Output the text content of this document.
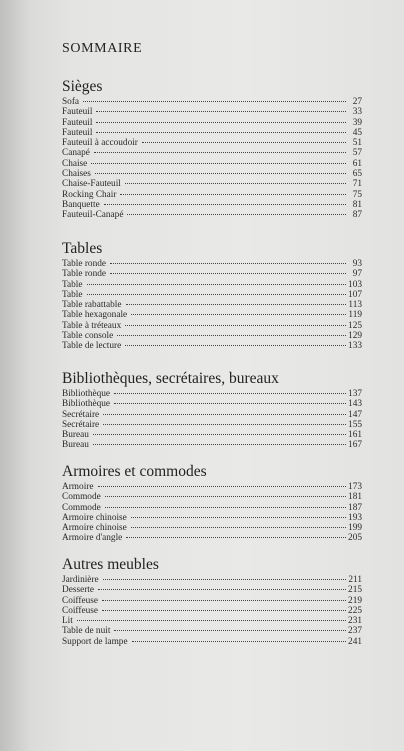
SOMMAIRE
Sièges
Sofa	27
Fauteuil	33
Fauteuil	39
Fauteuil	45
Fauteuil à accoudoir	51
Canapé	57
Chaise	61
Chaises	65
Chaise-Fauteuil	71
Rocking Chair	75
Banquette	81
Fauteuil-Canapé	87
Tables
Table ronde	93
Table ronde	97
Table	103
Table	107
Table rabattable	113
Table hexagonale	119
Table à tréteaux	125
Table console	129
Table de lecture	133
Bibliothèques, secrétaires, bureaux
Bibliothèque	137
Bibliothèque	143
Secrétaire	147
Secrétaire	155
Bureau	161
Bureau	167
Armoires et commodes
Armoire	173
Commode	181
Commode	187
Armoire chinoise	193
Armoire chinoise	199
Armoire d'angle	205
Autres meubles
Jardinière	211
Desserte	215
Coiffeuse	219
Coiffeuse	225
Lit	231
Table de nuit	237
Support de lampe	241
